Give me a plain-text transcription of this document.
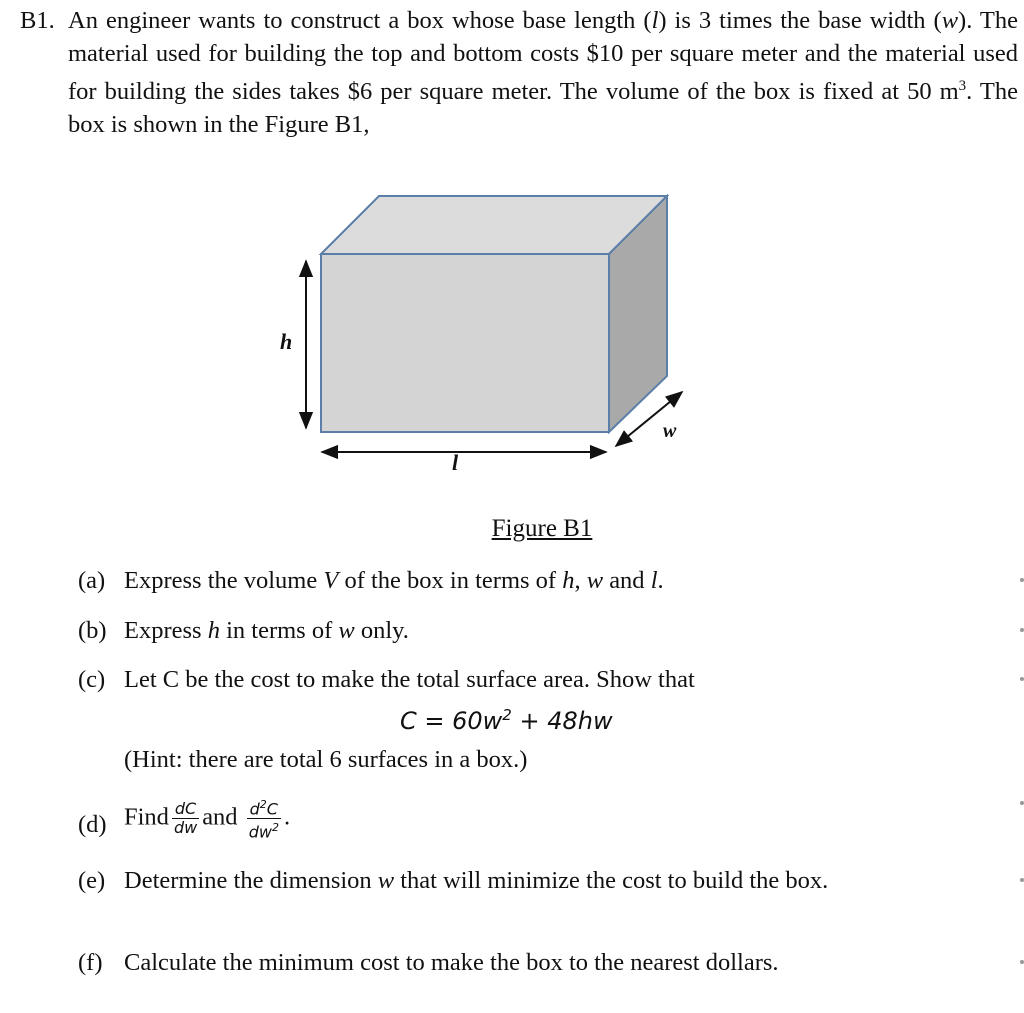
B1. An engineer wants to construct a box whose base length (l) is 3 times the base width (w). The material used for building the top and bottom costs $10 per square meter and the material used for building the sides takes $6 per square meter. The volume of the box is fixed at 50 $m^3$. The box is shown in the Figure B1,
h
l
w
Figure B1
(a) Express the volume V of the box in terms of h, w and l.
(b) Express h in terms of w only.
(c) Let C be the cost to make the total surface area. Show that
$C = 60w^2 + 48hw$
(Hint: there are total 6 surfaces in a box.)
(d) Find $\frac{dC}{dw}$ and $\frac{d^2C}{dw^2}$ .
(e) Determine the dimension w that will minimize the cost to build the box.
(f) Calculate the minimum cost to make the box to the nearest dollars.
